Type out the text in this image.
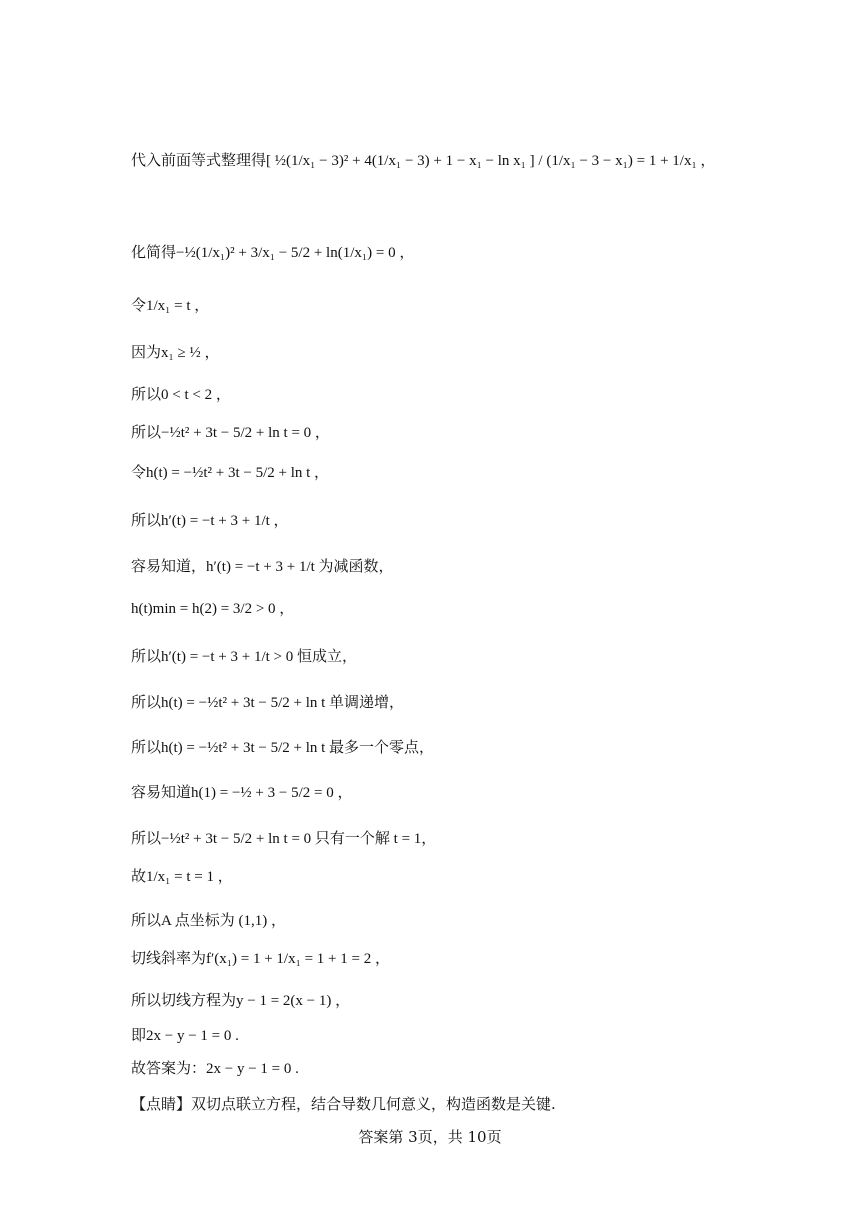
代入前面等式整理得[ ½(1/x₁ − 3)² + 4(1/x₁ − 3) + 1 − x₁ − ln x₁ ] / (1/x₁ − 3 − x₁) = 1 + 1/x₁ ，
化简得−½(1/x₁)² + 3/x₁ − 5/2 + ln(1/x₁) = 0 ，
令1/x₁ = t ，
因为x₁ ≥ ½ ，
所以0 < t < 2 ，
所以−½t² + 3t − 5/2 + ln t = 0 ，
令h(t) = −½t² + 3t − 5/2 + ln t ，
所以h′(t) = −t + 3 + 1/t ，
容易知道，h′(t) = −t + 3 + 1/t 为减函数，
h(t)min = h(2) = 3/2 > 0 ，
所以h′(t) = −t + 3 + 1/t > 0 恒成立，
所以h(t) = −½t² + 3t − 5/2 + ln t 单调递增，
所以h(t) = −½t² + 3t − 5/2 + ln t 最多一个零点，
容易知道h(1) = −½ + 3 − 5/2 = 0 ，
所以−½t² + 3t − 5/2 + ln t = 0 只有一个解 t = 1，
故1/x₁ = t = 1 ，
所以A 点坐标为 (1,1) ，
切线斜率为f′(x₁) = 1 + 1/x₁ = 1 + 1 = 2 ，
所以切线方程为y − 1 = 2(x − 1) ，
即2x − y − 1 = 0 .
故答案为：2x − y − 1 = 0 .
【点睛】双切点联立方程，结合导数几何意义，构造函数是关键.
答案第 3页，共 10页
